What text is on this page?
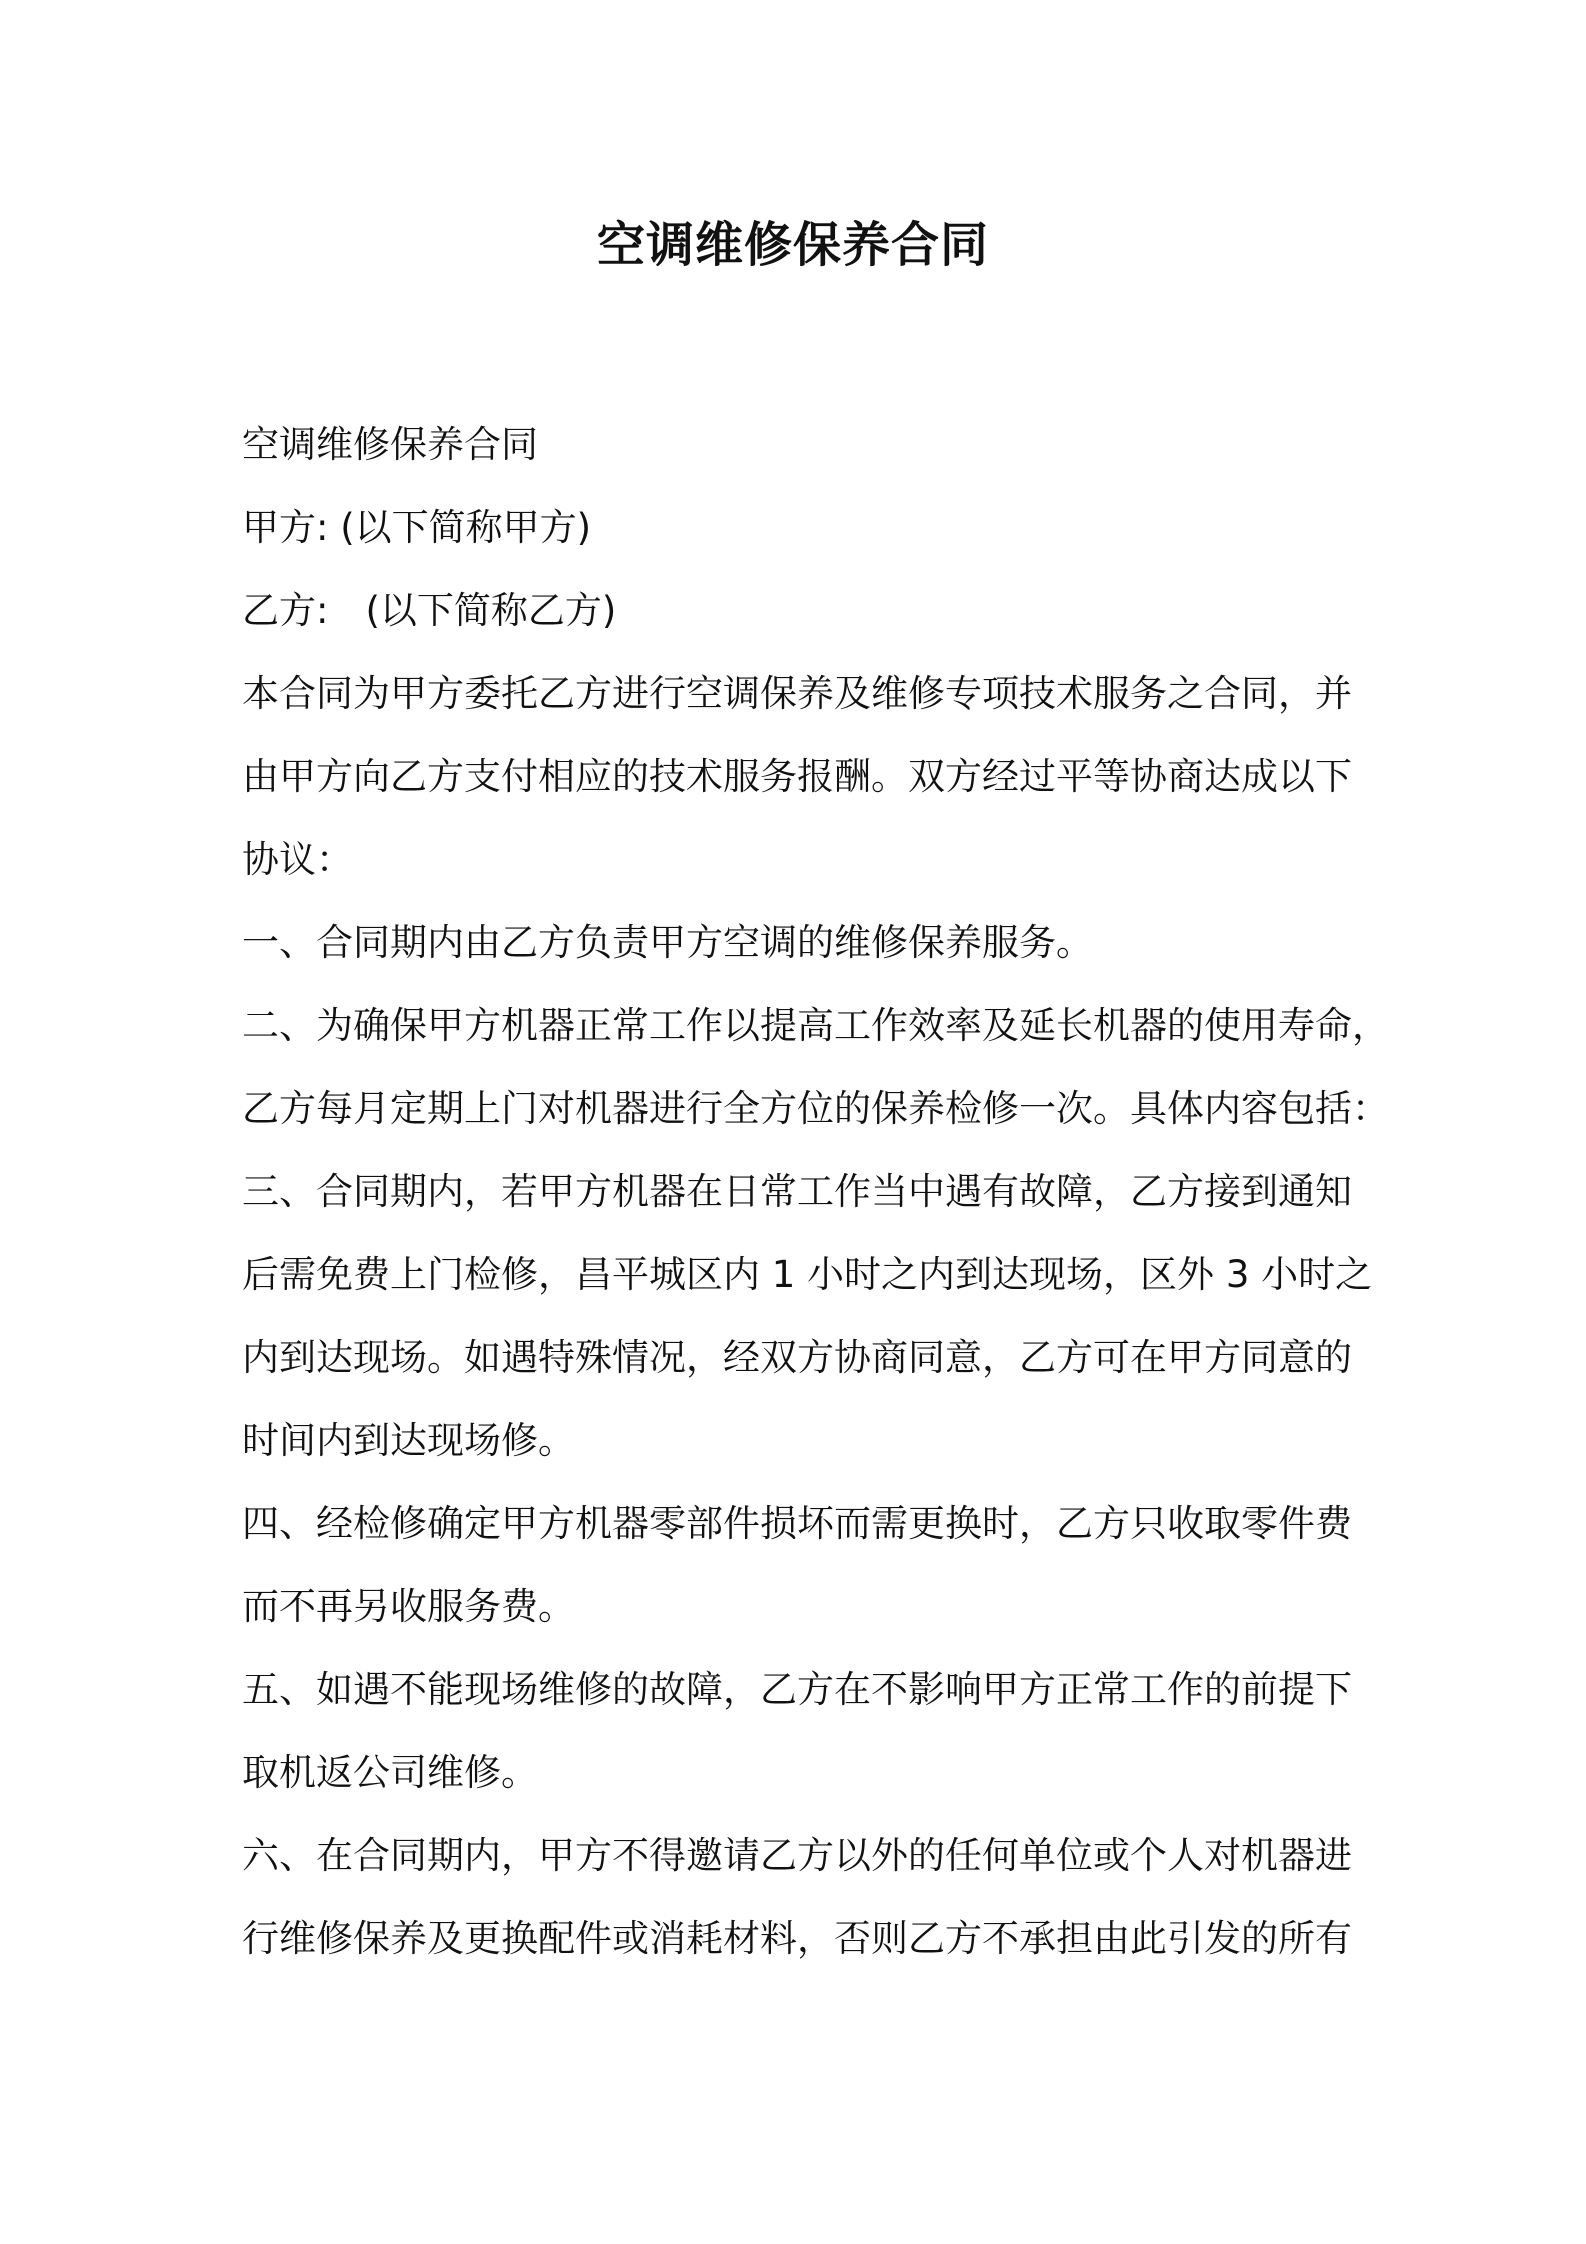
空调维修保养合同

空调维修保养合同

甲方: (以下简称甲方)

乙方:　(以下简称乙方)

本合同为甲方委托乙方进行空调保养及维修专项技术服务之合同，并

由甲方向乙方支付相应的技术服务报酬。双方经过平等协商达成以下

协议：

一、合同期内由乙方负责甲方空调的维修保养服务。

二、为确保甲方机器正常工作以提高工作效率及延长机器的使用寿命，

乙方每月定期上门对机器进行全方位的保养检修一次。具体内容包括：

三、合同期内，若甲方机器在日常工作当中遇有故障，乙方接到通知

后需免费上门检修，昌平城区内 1 小时之内到达现场，区外 3 小时之

内到达现场。如遇特殊情况，经双方协商同意，乙方可在甲方同意的

时间内到达现场修。

四、经检修确定甲方机器零部件损坏而需更换时，乙方只收取零件费

而不再另收服务费。

五、如遇不能现场维修的故障，乙方在不影响甲方正常工作的前提下

取机返公司维修。

六、在合同期内，甲方不得邀请乙方以外的任何单位或个人对机器进

行维修保养及更换配件或消耗材料，否则乙方不承担由此引发的所有
